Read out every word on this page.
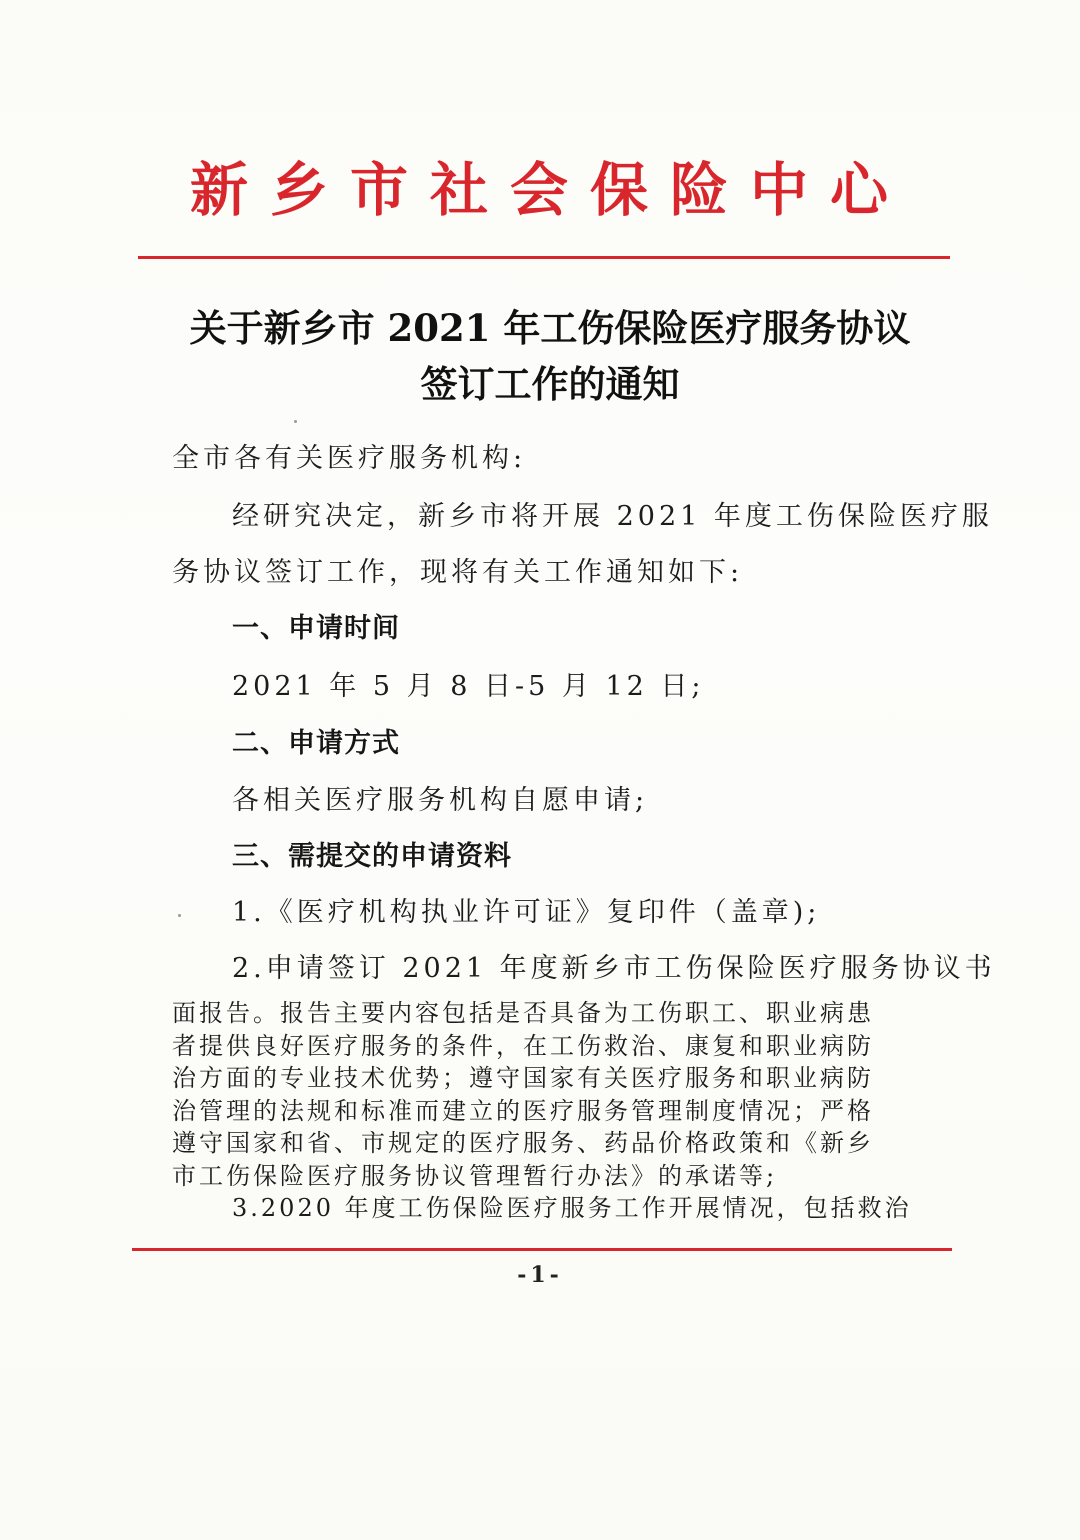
新乡市社会保险中心
关于新乡市 2021 年工伤保险医疗服务协议
签订工作的通知
全市各有关医疗服务机构:
经研究决定，新乡市将开展 2021 年度工伤保险医疗服
务协议签订工作，现将有关工作通知如下:
一、申请时间
2021 年 5 月 8 日-5 月 12 日;
二、申请方式
各相关医疗服务机构自愿申请;
三、需提交的申请资料
1.《医疗机构执业许可证》复印件（盖章);
2.申请签订 2021 年度新乡市工伤保险医疗服务协议书
面报告。报告主要内容包括是否具备为工伤职工、职业病患
者提供良好医疗服务的条件，在工伤救治、康复和职业病防
治方面的专业技术优势；遵守国家有关医疗服务和职业病防
治管理的法规和标准而建立的医疗服务管理制度情况；严格
-1-
遵守国家和省、市规定的医疗服务、药品价格政策和《新乡
市工伤保险医疗服务协议管理暂行办法》的承诺等;
3.2020 年度工伤保险医疗服务工作开展情况，包括救治
